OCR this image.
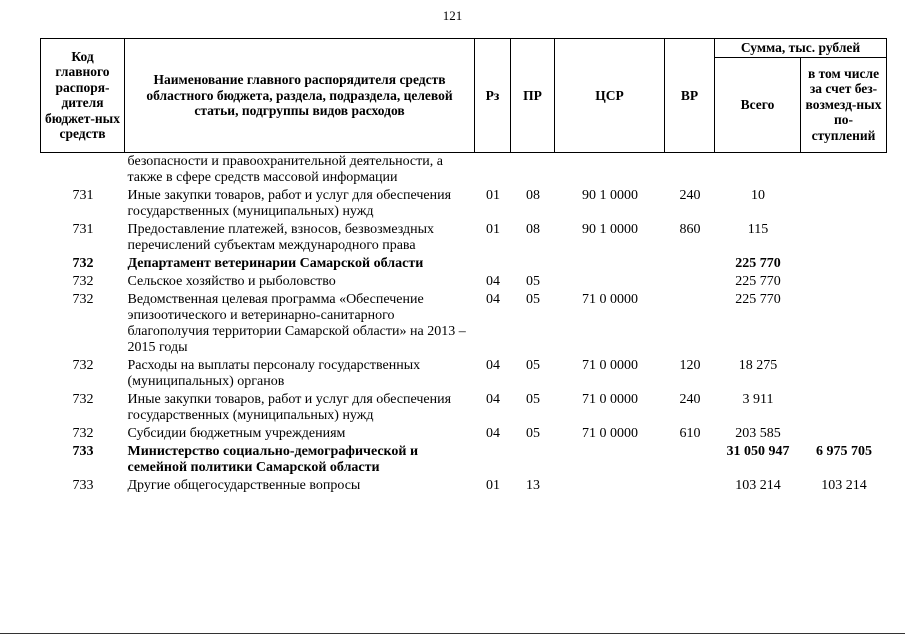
121
Код главного распоря-дителя бюджет-ных средств	Наименование главного распорядителя средств областного бюджета, раздела, подраздела, целевой статьи, подгруппы видов расходов	Рз	ПР	ЦСР	ВР	Сумма, тыс. рублей	
						Всего	в том числе за счет без-возмезд-ных по-ступлений
	безопасности и правоохранительной деятельности, а также в сфере средств массовой информации						
731	Иные закупки товаров, работ и услуг для обеспечения государственных (муниципальных) нужд	01	08	90 1 0000	240	10	
731	Предоставление платежей, взносов, безвозмездных перечислений субъектам международного права	01	08	90 1 0000	860	115	
732	Департамент ветеринарии Самарской области					225 770	
732	Сельское хозяйство и рыболовство	04	05			225 770	
732	Ведомственная целевая программа «Обеспечение эпизоотического и ветеринарно-санитарного благополучия территории Самарской области» на 2013 – 2015 годы	04	05	71 0 0000		225 770	
732	Расходы на выплаты персоналу государственных (муниципальных) органов	04	05	71 0 0000	120	18 275	
732	Иные закупки товаров, работ и услуг для обеспечения государственных (муниципальных) нужд	04	05	71 0 0000	240	3 911	
732	Субсидии бюджетным учреждениям	04	05	71 0 0000	610	203 585	
733	Министерство социально-демографической и семейной политики Самарской области					31 050 947	6 975 705
733	Другие общегосударственные вопросы	01	13			103 214	103 214
